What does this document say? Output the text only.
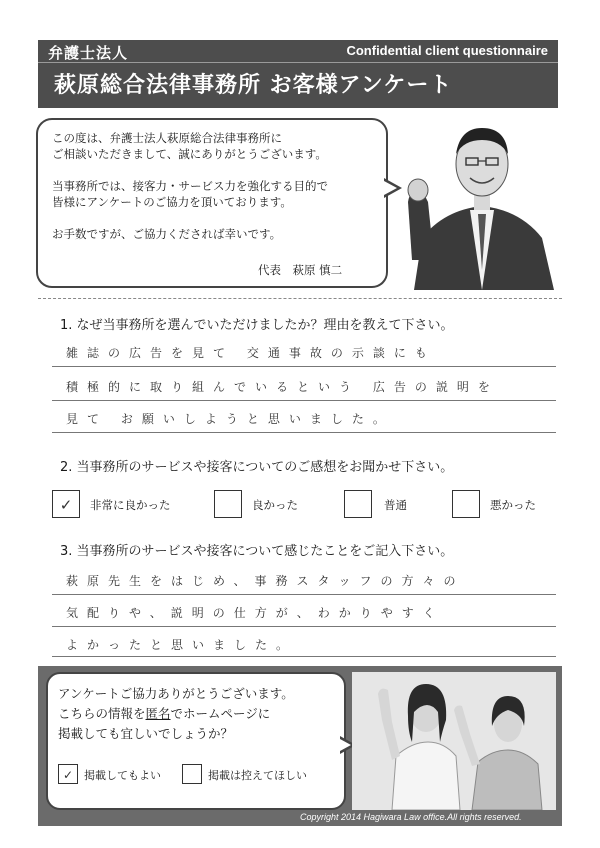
弁護士法人	Confidential client questionnaire
萩原総合法律事務所 お客様アンケート
この度は、弁護士法人萩原総合法律事務所に
ご相談いただきまして、誠にありがとうございます。
当事務所では、接客力・サービス力を強化する目的で
皆様にアンケートのご協力を頂いております。
お手数ですが、ご協力くだされば幸いです。
代表　萩原 慎二
1. なぜ当事務所を選んでいただけましたか？理由を教えて下さい。
雑誌の広告を見て 交通事故の示談にも
積極的に取り組んでいるという 広告の説明を
見て お願いしようと思いました。
2. 当事務所のサービスや接客についてのご感想をお聞かせ下さい。
✓	非常に良かった	良かった	普通	悪かった
3. 当事務所のサービスや接客について感じたことをご記入下さい。
萩原先生をはじめ、事務スタッフの方々の
気配りや、説明の仕方が、わかりやすく
よかったと思いました。
アンケートご協力ありがとうございます。
こちらの情報を匿名でホームページに
掲載しても宜しいでしょうか？
✓ 掲載してもよい	掲載は控えてほしい
Copyright 2014 Hagiwara Law office.All rights reserved.
